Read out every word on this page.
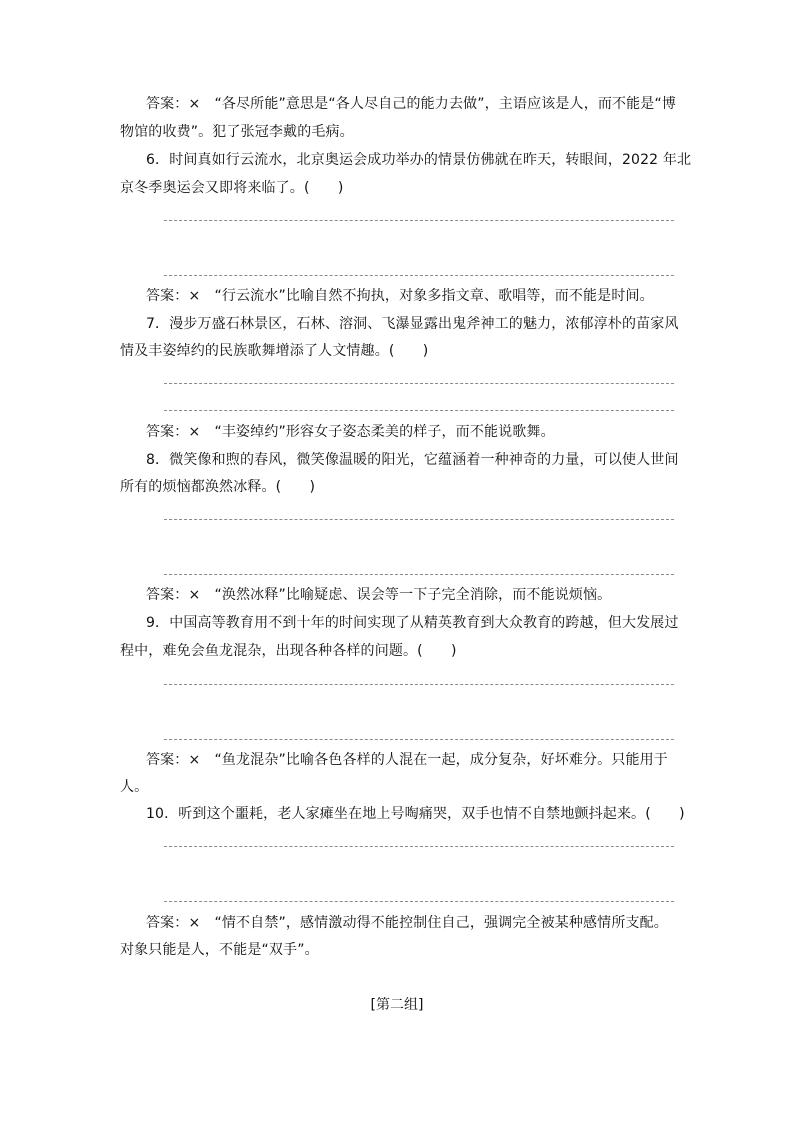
答案：×　“各尽所能”意思是“各人尽自己的能力去做”，主语应该是人，而不能是“博
物馆的收费”。犯了张冠李戴的毛病。
6．时间真如行云流水，北京奥运会成功举办的情景仿佛就在昨天，转眼间，2022 年北
京冬季奥运会又即将来临了。(　　)
答案：×　“行云流水”比喻自然不拘执，对象多指文章、歌唱等，而不能是时间。
7．漫步万盛石林景区，石林、溶洞、飞瀑显露出鬼斧神工的魅力，浓郁淳朴的苗家风
情及丰姿绰约的民族歌舞增添了人文情趣。(　　)
答案：×　“丰姿绰约”形容女子姿态柔美的样子，而不能说歌舞。
8．微笑像和煦的春风，微笑像温暖的阳光，它蕴涵着一种神奇的力量，可以使人世间
所有的烦恼都涣然冰释。(　　)
答案：×　“涣然冰释”比喻疑虑、误会等一下子完全消除，而不能说烦恼。
9．中国高等教育用不到十年的时间实现了从精英教育到大众教育的跨越，但大发展过
程中，难免会鱼龙混杂，出现各种各样的问题。(　　)
答案：×　“鱼龙混杂”比喻各色各样的人混在一起，成分复杂，好坏难分。只能用于
人。
10．听到这个噩耗，老人家瘫坐在地上号啕痛哭，双手也情不自禁地颤抖起来。(　　)
答案：×　“情不自禁”，感情激动得不能控制住自己，强调完全被某种感情所支配。
对象只能是人，不能是“双手”。
[第二组]
